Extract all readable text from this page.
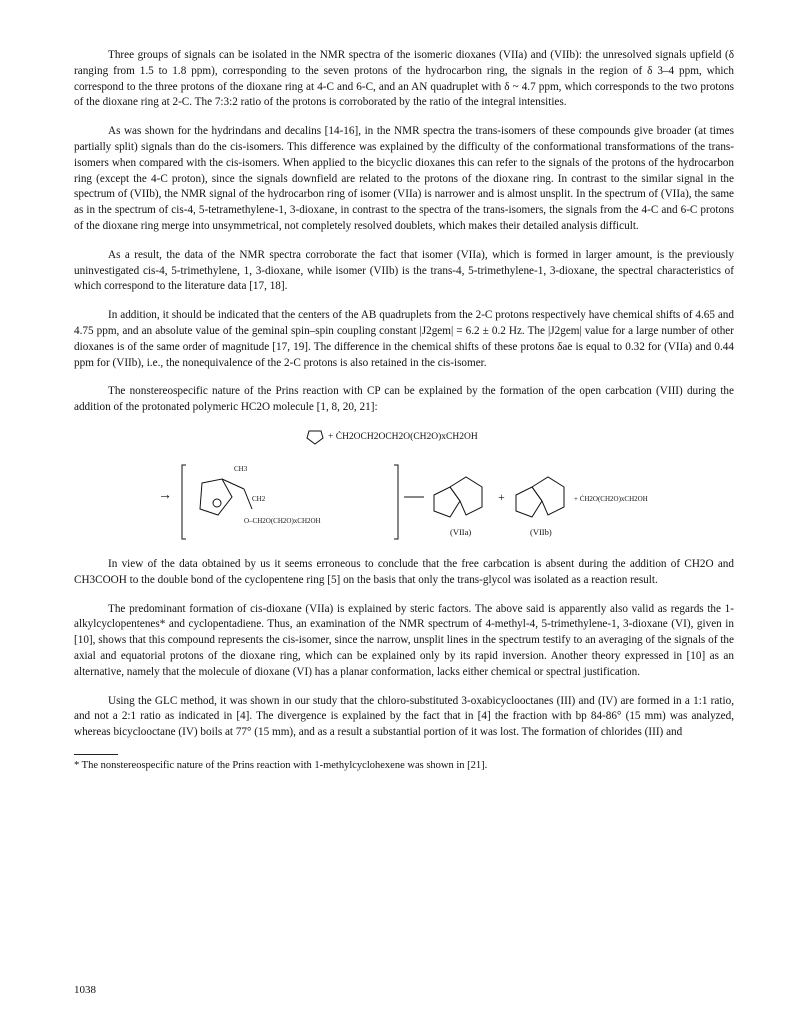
Three groups of signals can be isolated in the NMR spectra of the isomeric dioxanes (VIIa) and (VIIb): the unresolved signals upfield (δ ranging from 1.5 to 1.8 ppm), corresponding to the seven protons of the hydrocarbon ring, the signals in the region of δ 3–4 ppm, which correspond to the three protons of the dioxane ring at 4-C and 6-C, and an AN quadruplet with δ ~ 4.7 ppm, which corresponds to the two protons of the dioxane ring at 2-C. The 7:3:2 ratio of the protons is corroborated by the ratio of the integral intensities.

As was shown for the hydrindans and decalins [14-16], in the NMR spectra the trans-isomers of these compounds give broader (at times partially split) signals than do the cis-isomers. This difference was explained by the difficulty of the conformational transformations of the trans-isomers when compared with the cis-isomers. When applied to the bicyclic dioxanes this can refer to the signals of the protons of the hydrocarbon ring (except the 4-C proton), since the signals downfield are related to the protons of the dioxane ring. In contrast to the similar signal in the spectrum of (VIIb), the NMR signal of the hydrocarbon ring of isomer (VIIa) is narrower and is almost unsplit. In the spectrum of (VIIa), the same as in the spectrum of cis-4, 5-tetramethylene-1, 3-dioxane, in contrast to the spectra of the trans-isomers, the signals from the 4-C and 6-C protons of the dioxane ring merge into unsymmetrical, not completely resolved doublets, which makes their detailed analysis difficult.

As a result, the data of the NMR spectra corroborate the fact that isomer (VIIa), which is formed in larger amount, is the previously uninvestigated cis-4, 5-trimethylene, 1, 3-dioxane, while isomer (VIIb) is the trans-4, 5-trimethylene-1, 3-dioxane, the spectral characteristics of which correspond to the literature data [17, 18].

In addition, it should be indicated that the centers of the AB quadruplets from the 2-C protons respectively have chemical shifts of 4.65 and 4.75 ppm, and an absolute value of the geminal spin–spin coupling constant |J2gem| = 6.2 ± 0.2 Hz. The |J2gem| value for a large number of other dioxanes is of the same order of magnitude [17, 19]. The difference in the chemical shifts of these protons δae is equal to 0.32 for (VIIa) and 0.44 ppm for (VIIb), i.e., the nonequivalence of the 2-C protons is also retained in the cis-isomer.

The nonstereospecific nature of the Prins reaction with CP can be explained by the formation of the open carbcation (VIII) during the addition of the protonated polymeric HC2O molecule [1, 8, 20, 21]:

+ ĊH2OCH2OCH2O(CH2O)xCH2OH
→	+
CH3
CH2
O–CH2O(CH2O)xCH2OH
(VIIa)	(VIIb)
+ ĊH2O(CH2O)xCH2OH

In view of the data obtained by us it seems erroneous to conclude that the free carbcation is absent during the addition of CH2O and CH3COOH to the double bond of the cyclopentene ring [5] on the basis that only the trans-glycol was isolated as a reaction result.

The predominant formation of cis-dioxane (VIIa) is explained by steric factors. The above said is apparently also valid as regards the 1-alkylcyclopentenes* and cyclopentadiene. Thus, an examination of the NMR spectrum of 4-methyl-4, 5-trimethylene-1, 3-dioxane (VI), given in [10], shows that this compound represents the cis-isomer, since the narrow, unsplit lines in the spectrum testify to an averaging of the signals of the axial and equatorial protons of the dioxane ring, which can be explained only by its rapid inversion. Another theory expressed in [10] as an alternative, namely that the molecule of dioxane (VI) has a planar conformation, lacks either chemical or spectral justification.

Using the GLC method, it was shown in our study that the chloro-substituted 3-oxabicyclooctanes (III) and (IV) are formed in a 1:1 ratio, and not a 2:1 ratio as indicated in [4]. The divergence is explained by the fact that in [4] the fraction with bp 84-86° (15 mm) was analyzed, whereas bicyclooctane (IV) boils at 77° (15 mm), and as a result a substantial portion of it was lost. The formation of chlorides (III) and

* The nonstereospecific nature of the Prins reaction with 1-methylcyclohexene was shown in [21].
1038
